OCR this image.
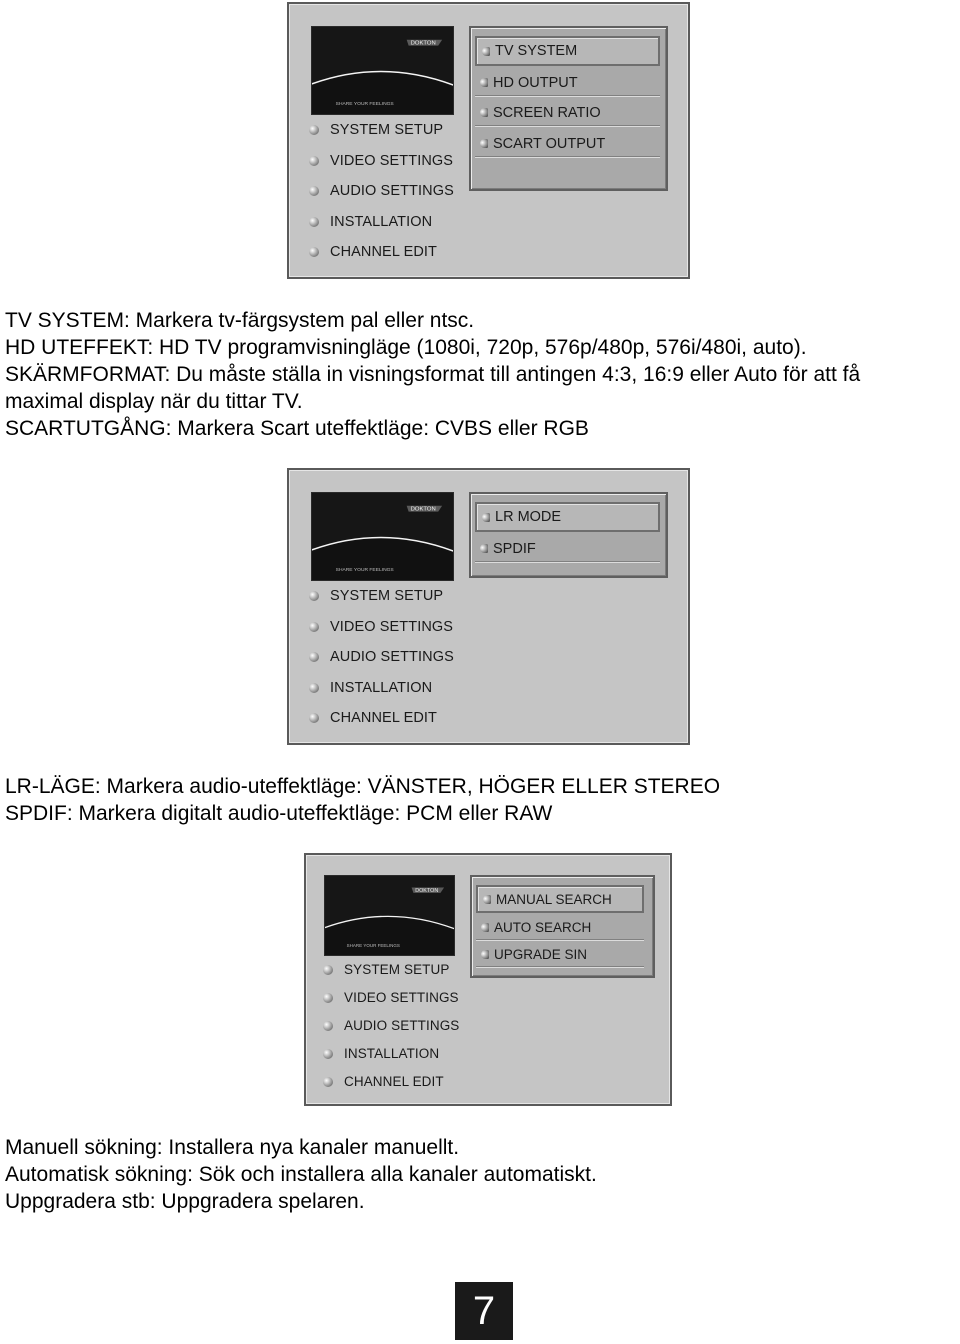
DOKTON
SHARE YOUR FEELINGS
SYSTEM SETUP
VIDEO SETTINGS
AUDIO SETTINGS
INSTALLATION
CHANNEL EDIT
TV SYSTEM
HD OUTPUT
SCREEN RATIO
SCART OUTPUT
TV SYSTEM: Markera tv-färgsystem pal eller ntsc.
HD UTEFFEKT: HD TV programvisningläge (1080i, 720p, 576p/480p, 576i/480i, auto).
SKÄRMFORMAT: Du måste ställa in visningsformat till antingen 4:3, 16:9 eller Auto för att få
maximal display när du tittar TV.
SCARTUTGÅNG: Markera Scart uteffektläge: CVBS eller RGB
DOKTON
SHARE YOUR FEELINGS
SYSTEM SETUP
VIDEO SETTINGS
AUDIO SETTINGS
INSTALLATION
CHANNEL EDIT
LR MODE
SPDIF
LR-LÄGE: Markera audio-uteffektläge: VÄNSTER, HÖGER ELLER STEREO
SPDIF: Markera digitalt audio-uteffektläge: PCM eller RAW
DOKTON
SHARE YOUR FEELINGS
SYSTEM SETUP
VIDEO SETTINGS
AUDIO SETTINGS
INSTALLATION
CHANNEL EDIT
MANUAL SEARCH
AUTO SEARCH
UPGRADE SIN
Manuell sökning: Installera nya kanaler manuellt.
Automatisk sökning: Sök och installera alla kanaler automatiskt.
Uppgradera stb: Uppgradera spelaren.
7
